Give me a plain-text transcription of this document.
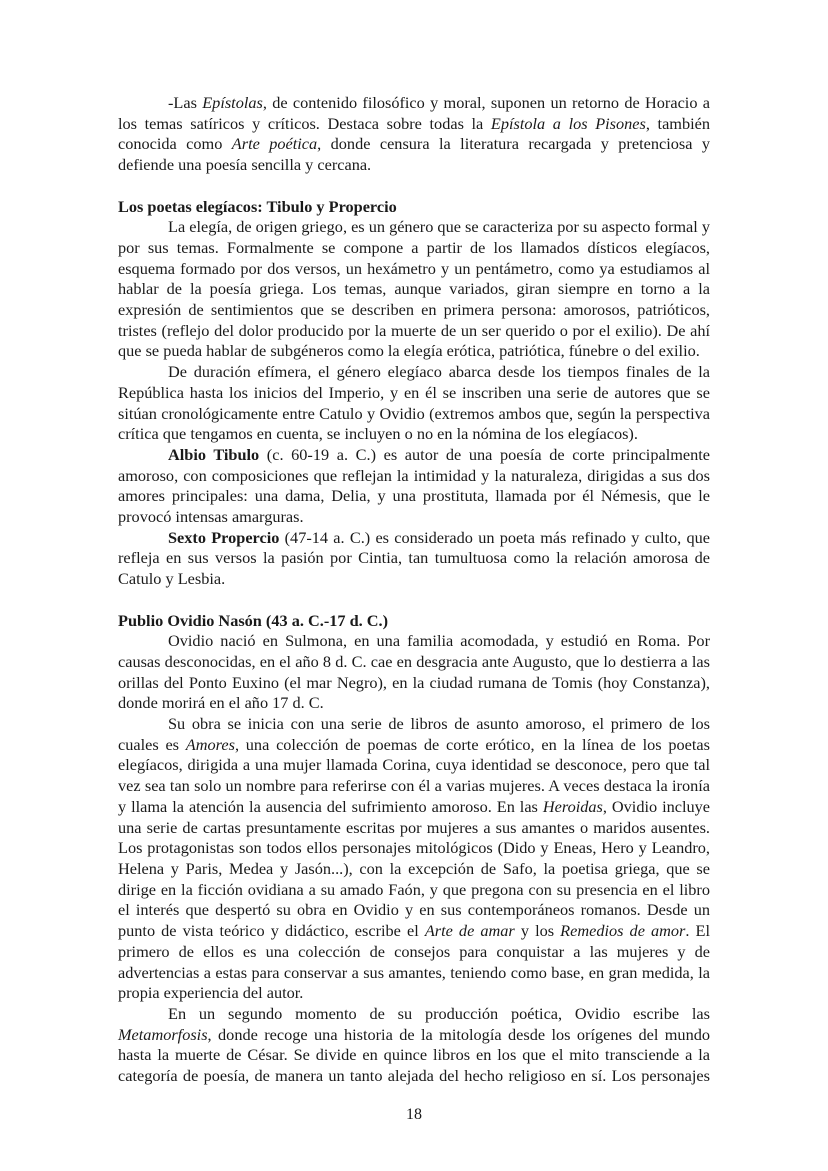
-Las Epístolas, de contenido filosófico y moral, suponen un retorno de Horacio a los temas satíricos y críticos. Destaca sobre todas la Epístola a los Pisones, también conocida como Arte poética, donde censura la literatura recargada y pretenciosa y defiende una poesía sencilla y cercana.

Los poetas elegíacos: Tibulo y Propercio

La elegía, de origen griego, es un género que se caracteriza por su aspecto formal y por sus temas. Formalmente se compone a partir de los llamados dísticos elegíacos, esquema formado por dos versos, un hexámetro y un pentámetro, como ya estudiamos al hablar de la poesía griega. Los temas, aunque variados, giran siempre en torno a la expresión de sentimientos que se describen en primera persona: amorosos, patrióticos, tristes (reflejo del dolor producido por la muerte de un ser querido o por el exilio). De ahí que se pueda hablar de subgéneros como la elegía erótica, patriótica, fúnebre o del exilio.

De duración efímera, el género elegíaco abarca desde los tiempos finales de la República hasta los inicios del Imperio, y en él se inscriben una serie de autores que se sitúan cronológicamente entre Catulo y Ovidio (extremos ambos que, según la perspectiva crítica que tengamos en cuenta, se incluyen o no en la nómina de los elegíacos).

Albio Tibulo (c. 60-19 a. C.) es autor de una poesía de corte principalmente amoroso, con composiciones que reflejan la intimidad y la naturaleza, dirigidas a sus dos amores principales: una dama, Delia, y una prostituta, llamada por él Némesis, que le provocó intensas amarguras.

Sexto Propercio (47-14 a. C.) es considerado un poeta más refinado y culto, que refleja en sus versos la pasión por Cintia, tan tumultuosa como la relación amorosa de Catulo y Lesbia.

Publio Ovidio Nasón (43 a. C.-17 d. C.)

Ovidio nació en Sulmona, en una familia acomodada, y estudió en Roma. Por causas desconocidas, en el año 8 d. C. cae en desgracia ante Augusto, que lo destierra a las orillas del Ponto Euxino (el mar Negro), en la ciudad rumana de Tomis (hoy Constanza), donde morirá en el año 17 d. C.

Su obra se inicia con una serie de libros de asunto amoroso, el primero de los cuales es Amores, una colección de poemas de corte erótico, en la línea de los poetas elegíacos, dirigida a una mujer llamada Corina, cuya identidad se desconoce, pero que tal vez sea tan solo un nombre para referirse con él a varias mujeres. A veces destaca la ironía y llama la atención la ausencia del sufrimiento amoroso. En las Heroidas, Ovidio incluye una serie de cartas presuntamente escritas por mujeres a sus amantes o maridos ausentes. Los protagonistas son todos ellos personajes mitológicos (Dido y Eneas, Hero y Leandro, Helena y Paris, Medea y Jasón...), con la excepción de Safo, la poetisa griega, que se dirige en la ficción ovidiana a su amado Faón, y que pregona con su presencia en el libro el interés que despertó su obra en Ovidio y en sus contemporáneos romanos. Desde un punto de vista teórico y didáctico, escribe el Arte de amar y los Remedios de amor. El primero de ellos es una colección de consejos para conquistar a las mujeres y de advertencias a estas para conservar a sus amantes, teniendo como base, en gran medida, la propia experiencia del autor.

En un segundo momento de su producción poética, Ovidio escribe las Metamorfosis, donde recoge una historia de la mitología desde los orígenes del mundo hasta la muerte de César. Se divide en quince libros en los que el mito transciende a la categoría de poesía, de manera un tanto alejada del hecho religioso en sí. Los personajes

18
